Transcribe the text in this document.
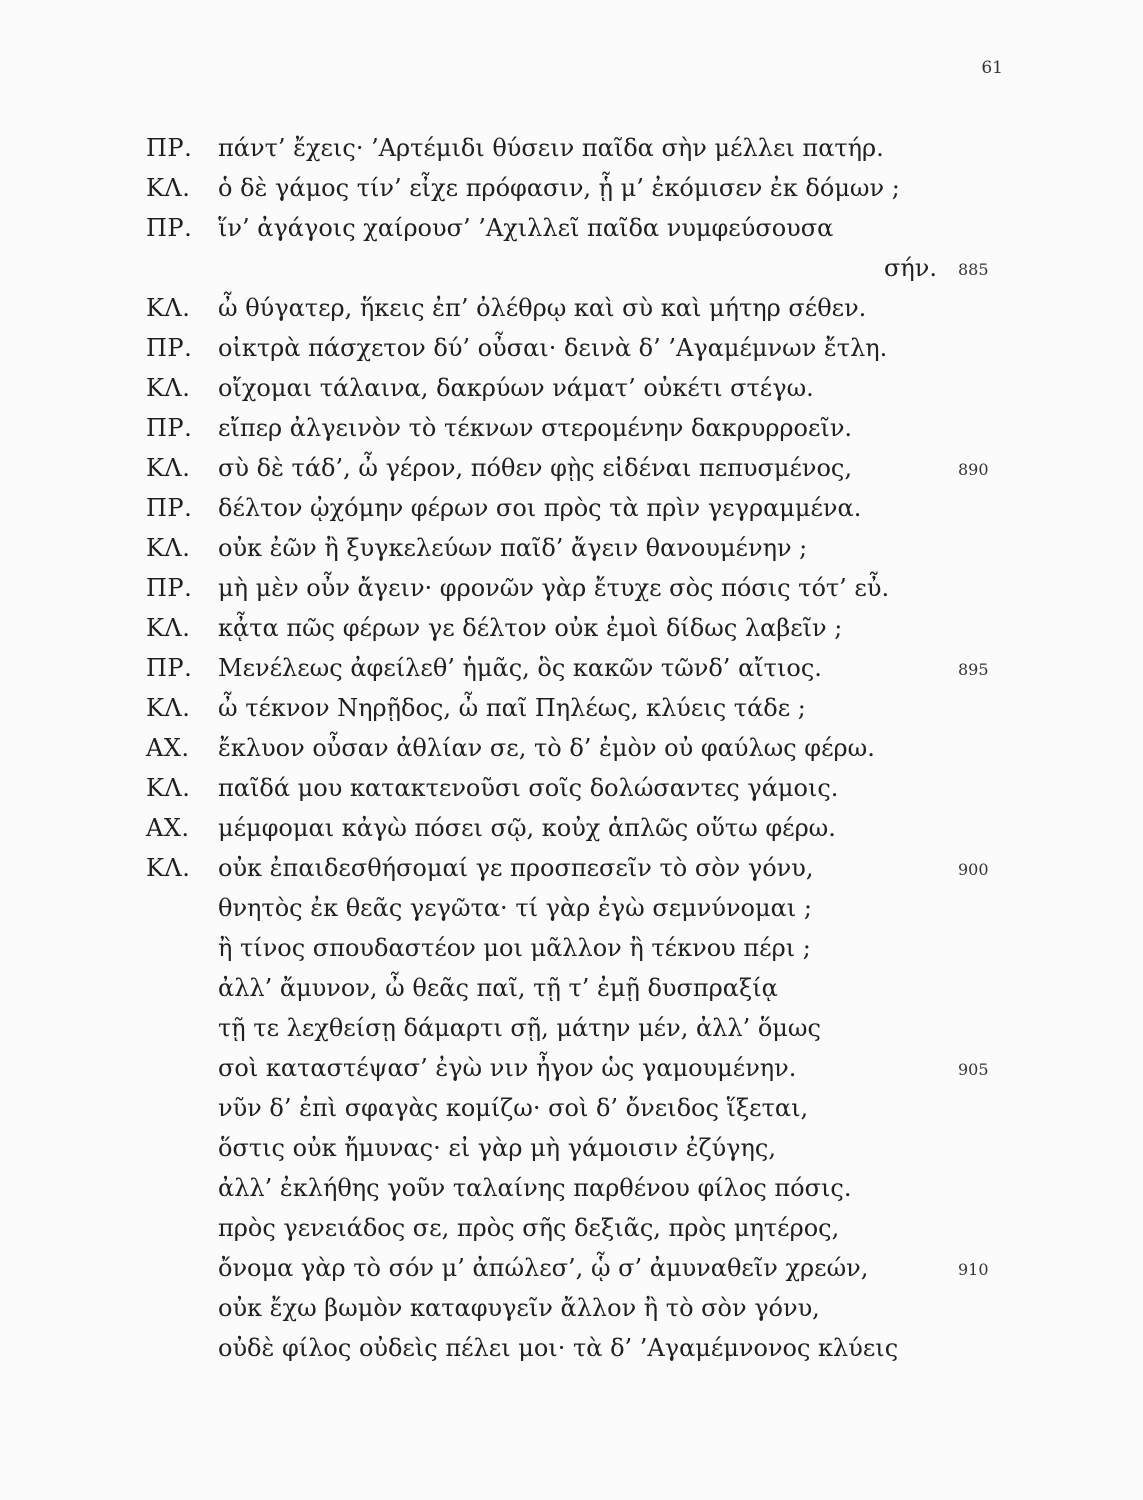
61
ΠΡ.	πάντ’ ἔχεις· ’Αρτέμιδι θύσειν παῖδα σὴν μέλλει πατήρ.
ΚΛ.	ὁ δὲ γάμος τίν’ εἶχε πρόφασιν, ᾗ μ’ ἐκόμισεν ἐκ δόμων ;
ΠΡ.	ἵν’ ἀγάγοις χαίρουσ’ ’Αχιλλεῖ παῖδα νυμφεύσουσα
σήν. 885
ΚΛ.	ὦ θύγατερ, ἥκεις ἐπ’ ὀλέθρῳ καὶ σὺ καὶ μήτηρ σέθεν.
ΠΡ.	οἰκτρὰ πάσχετον δύ’ οὖσαι· δεινὰ δ’ ’Αγαμέμνων ἔτλη.
ΚΛ.	οἴχομαι τάλαινα, δακρύων νάματ’ οὐκέτι στέγω.
ΠΡ.	εἴπερ ἀλγεινὸν τὸ τέκνων στερομένην δακρυρροεῖν.
ΚΛ.	σὺ δὲ τάδ’, ὦ γέρον, πόθεν φῂς εἰδέναι πεπυσμένος,	890
ΠΡ.	δέλτον ᾠχόμην φέρων σοι πρὸς τὰ πρὶν γεγραμμένα.
ΚΛ.	οὐκ ἐῶν ἢ ξυγκελεύων παῖδ’ ἄγειν θανουμένην ;
ΠΡ.	μὴ μὲν οὖν ἄγειν· φρονῶν γὰρ ἔτυχε σὸς πόσις τότ’ εὖ.
ΚΛ.	κᾆτα πῶς φέρων γε δέλτον οὐκ ἐμοὶ δίδως λαβεῖν ;
ΠΡ.	Μενέλεως ἀφείλεθ’ ἡμᾶς, ὃς κακῶν τῶνδ’ αἴτιος.	895
ΚΛ.	ὦ τέκνον Νηρῇδος, ὦ παῖ Πηλέως, κλύεις τάδε ;
ΑΧ.	ἔκλυον οὖσαν ἀθλίαν σε, τὸ δ’ ἐμὸν οὐ φαύλως φέρω.
ΚΛ.	παῖδά μου κατακτενοῦσι σοῖς δολώσαντες γάμοις.
ΑΧ.	μέμφομαι κἀγὼ πόσει σῷ, κοὐχ ἁπλῶς οὕτω φέρω.
ΚΛ.	οὐκ ἐπαιδεσθήσομαί γε προσπεσεῖν τὸ σὸν γόνυ,	900
θνητὸς ἐκ θεᾶς γεγῶτα· τί γὰρ ἐγὼ σεμνύνομαι ;
ἢ τίνος σπουδαστέον μοι μᾶλλον ἢ τέκνου πέρι ;
ἀλλ’ ἄμυνον, ὦ θεᾶς παῖ, τῇ τ’ ἐμῇ δυσπραξίᾳ
τῇ τε λεχθείσῃ δάμαρτι σῇ, μάτην μέν, ἀλλ’ ὅμως
σοὶ καταστέψασ’ ἐγὼ νιν ἦγον ὡς γαμουμένην.	905
νῦν δ’ ἐπὶ σφαγὰς κομίζω· σοὶ δ’ ὄνειδος ἵξεται,
ὅστις οὐκ ἤμυνας· εἰ γὰρ μὴ γάμοισιν ἐζύγης,
ἀλλ’ ἐκλήθης γοῦν ταλαίνης παρθένου φίλος πόσις.
πρὸς γενειάδος σε, πρὸς σῆς δεξιᾶς, πρὸς μητέρος,
ὄνομα γὰρ τὸ σόν μ’ ἀπώλεσ’, ᾧ σ’ ἀμυναθεῖν χρεών,	910
οὐκ ἔχω βωμὸν καταφυγεῖν ἄλλον ἢ τὸ σὸν γόνυ,
οὐδὲ φίλος οὐδεὶς πέλει μοι· τὰ δ’ ’Αγαμέμνονος κλύεις
